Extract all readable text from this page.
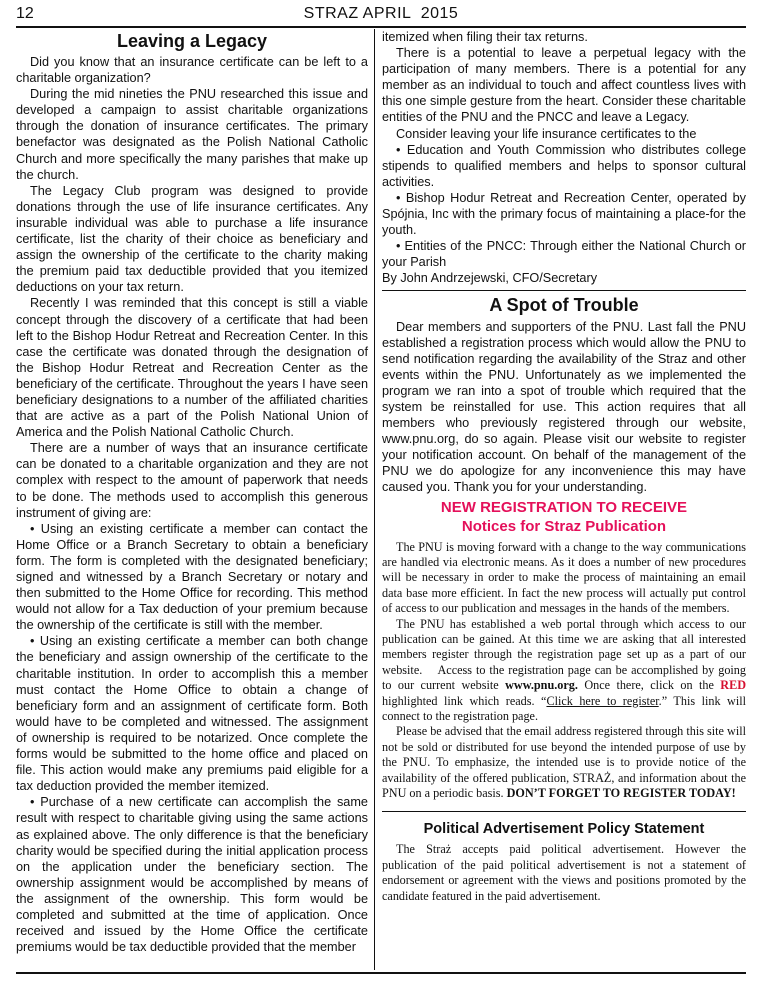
12	STRAZ APRIL  2015
Leaving a Legacy

Did you know that an insurance certificate can be left to a charitable organization?

During the mid nineties the PNU researched this issue and developed a campaign to assist charitable organizations through the donation of insurance certificates. The primary benefactor was designated as the Polish National Catholic Church and more specifically the many parishes that make up the church.

The Legacy Club program was designed to provide donations through the use of life insurance certificates. Any insurable individual was able to purchase a life insurance certificate, list the charity of their choice as beneficiary and assign the ownership of the certificate to the charity making the premium paid tax deductible provided that you itemized deductions on your tax return.

Recently I was reminded that this concept is still a viable concept through the discovery of a certificate that had been left to the Bishop Hodur Retreat and Recreation Center. In this case the certificate was donated through the designation of the Bishop Hodur Retreat and Recreation Center as the beneficiary of the certificate. Throughout the years I have seen beneficiary designations to a number of the affiliated charities that are active as a part of the Polish National Union of America and the Polish National Catholic Church.

There are a number of ways that an insurance certificate can be donated to a charitable organization and they are not complex with respect to the amount of paperwork that needs to be done. The methods used to accomplish this generous instrument of giving are:

• Using an existing certificate a member can contact the Home Office or a Branch Secretary to obtain a beneficiary form. The form is completed with the designated beneficiary; signed and witnessed by a Branch Secretary or notary and then submitted to the Home Office for recording. This method would not allow for a Tax deduction of your premium because the ownership of the certificate is still with the member.

• Using an existing certificate a member can both change the beneficiary and assign ownership of the certificate to the charitable institution. In order to accomplish this a member must contact the Home Office to obtain a change of beneficiary form and an assignment of certificate form. Both would have to be completed and witnessed. The assignment of ownership is required to be notarized. Once complete the forms would be submitted to the home office and placed on file. This action would make any premiums paid eligible for a tax deduction provided the member itemized.

• Purchase of a new certificate can accomplish the same result with respect to charitable giving using the same actions as explained above. The only difference is that the beneficiary charity would be specified during the initial application process on the application under the beneficiary section. The ownership assignment would be accomplished by means of the assignment of the ownership. This form would be completed and submitted at the time of application. Once received and issued by the Home Office the certificate premiums would be tax deductible provided that the member

itemized when filing their tax returns.

There is a potential to leave a perpetual legacy with the participation of many members. There is a potential for any member as an individual to touch and affect countless lives with this one simple gesture from the heart. Consider these charitable entities of the PNU and the PNCC and leave a Legacy.

Consider leaving your life insurance certificates to the

• Education and Youth Commission who distributes college stipends to qualified members and helps to sponsor cultural activities.

• Bishop Hodur Retreat and Recreation Center, operated by Spójnia, Inc with the primary focus of maintaining a place-for the youth.

• Entities of the PNCC: Through either the National Church or your Parish

By John Andrzejewski, CFO/Secretary

A Spot of Trouble

Dear members and supporters of the PNU. Last fall the PNU established a registration process which would allow the PNU to send notification regarding the availability of the Straz and other events within the PNU. Unfortunately as we implemented the program we ran into a spot of trouble which required that the system be reinstalled for use. This action requires that all members who previously registered through our website, www.pnu.org, do so again. Please visit our website to register your notification account. On behalf of the management of the PNU we do apologize for any inconvenience this may have caused you. Thank you for your understanding.

NEW REGISTRATION TO RECEIVE
Notices for Straz Publication

The PNU is moving forward with a change to the way communications are handled via electronic means. As it does a number of new procedures will be necessary in order to make the process of maintaining an email data base more efficient. In fact the new process will actually put control of access to our publication and messages in the hands of the members.

The PNU has established a web portal through which access to our publication can be gained. At this time we are asking that all interested members register through the registration page set up as a part of our website.    Access to the registration page can be accomplished by going to our current website www.pnu.org. Once there, click on the RED highlighted link which reads. “Click here to register.” This link will connect to the registration page.

Please be advised that the email address registered through this site will not be sold or distributed for use beyond the intended purpose of use by the PNU. To emphasize, the intended use is to provide notice of the availability of the offered publication, STRAŻ, and information about the PNU on a periodic basis. DON’T FORGET TO REGISTER TODAY!

Political Advertisement Policy Statement

The Straż accepts paid political advertisement. However the publication of the paid political advertisement is not a statement of endorsement or agreement with the views and positions promoted by the candidate featured in the paid advertisement.
